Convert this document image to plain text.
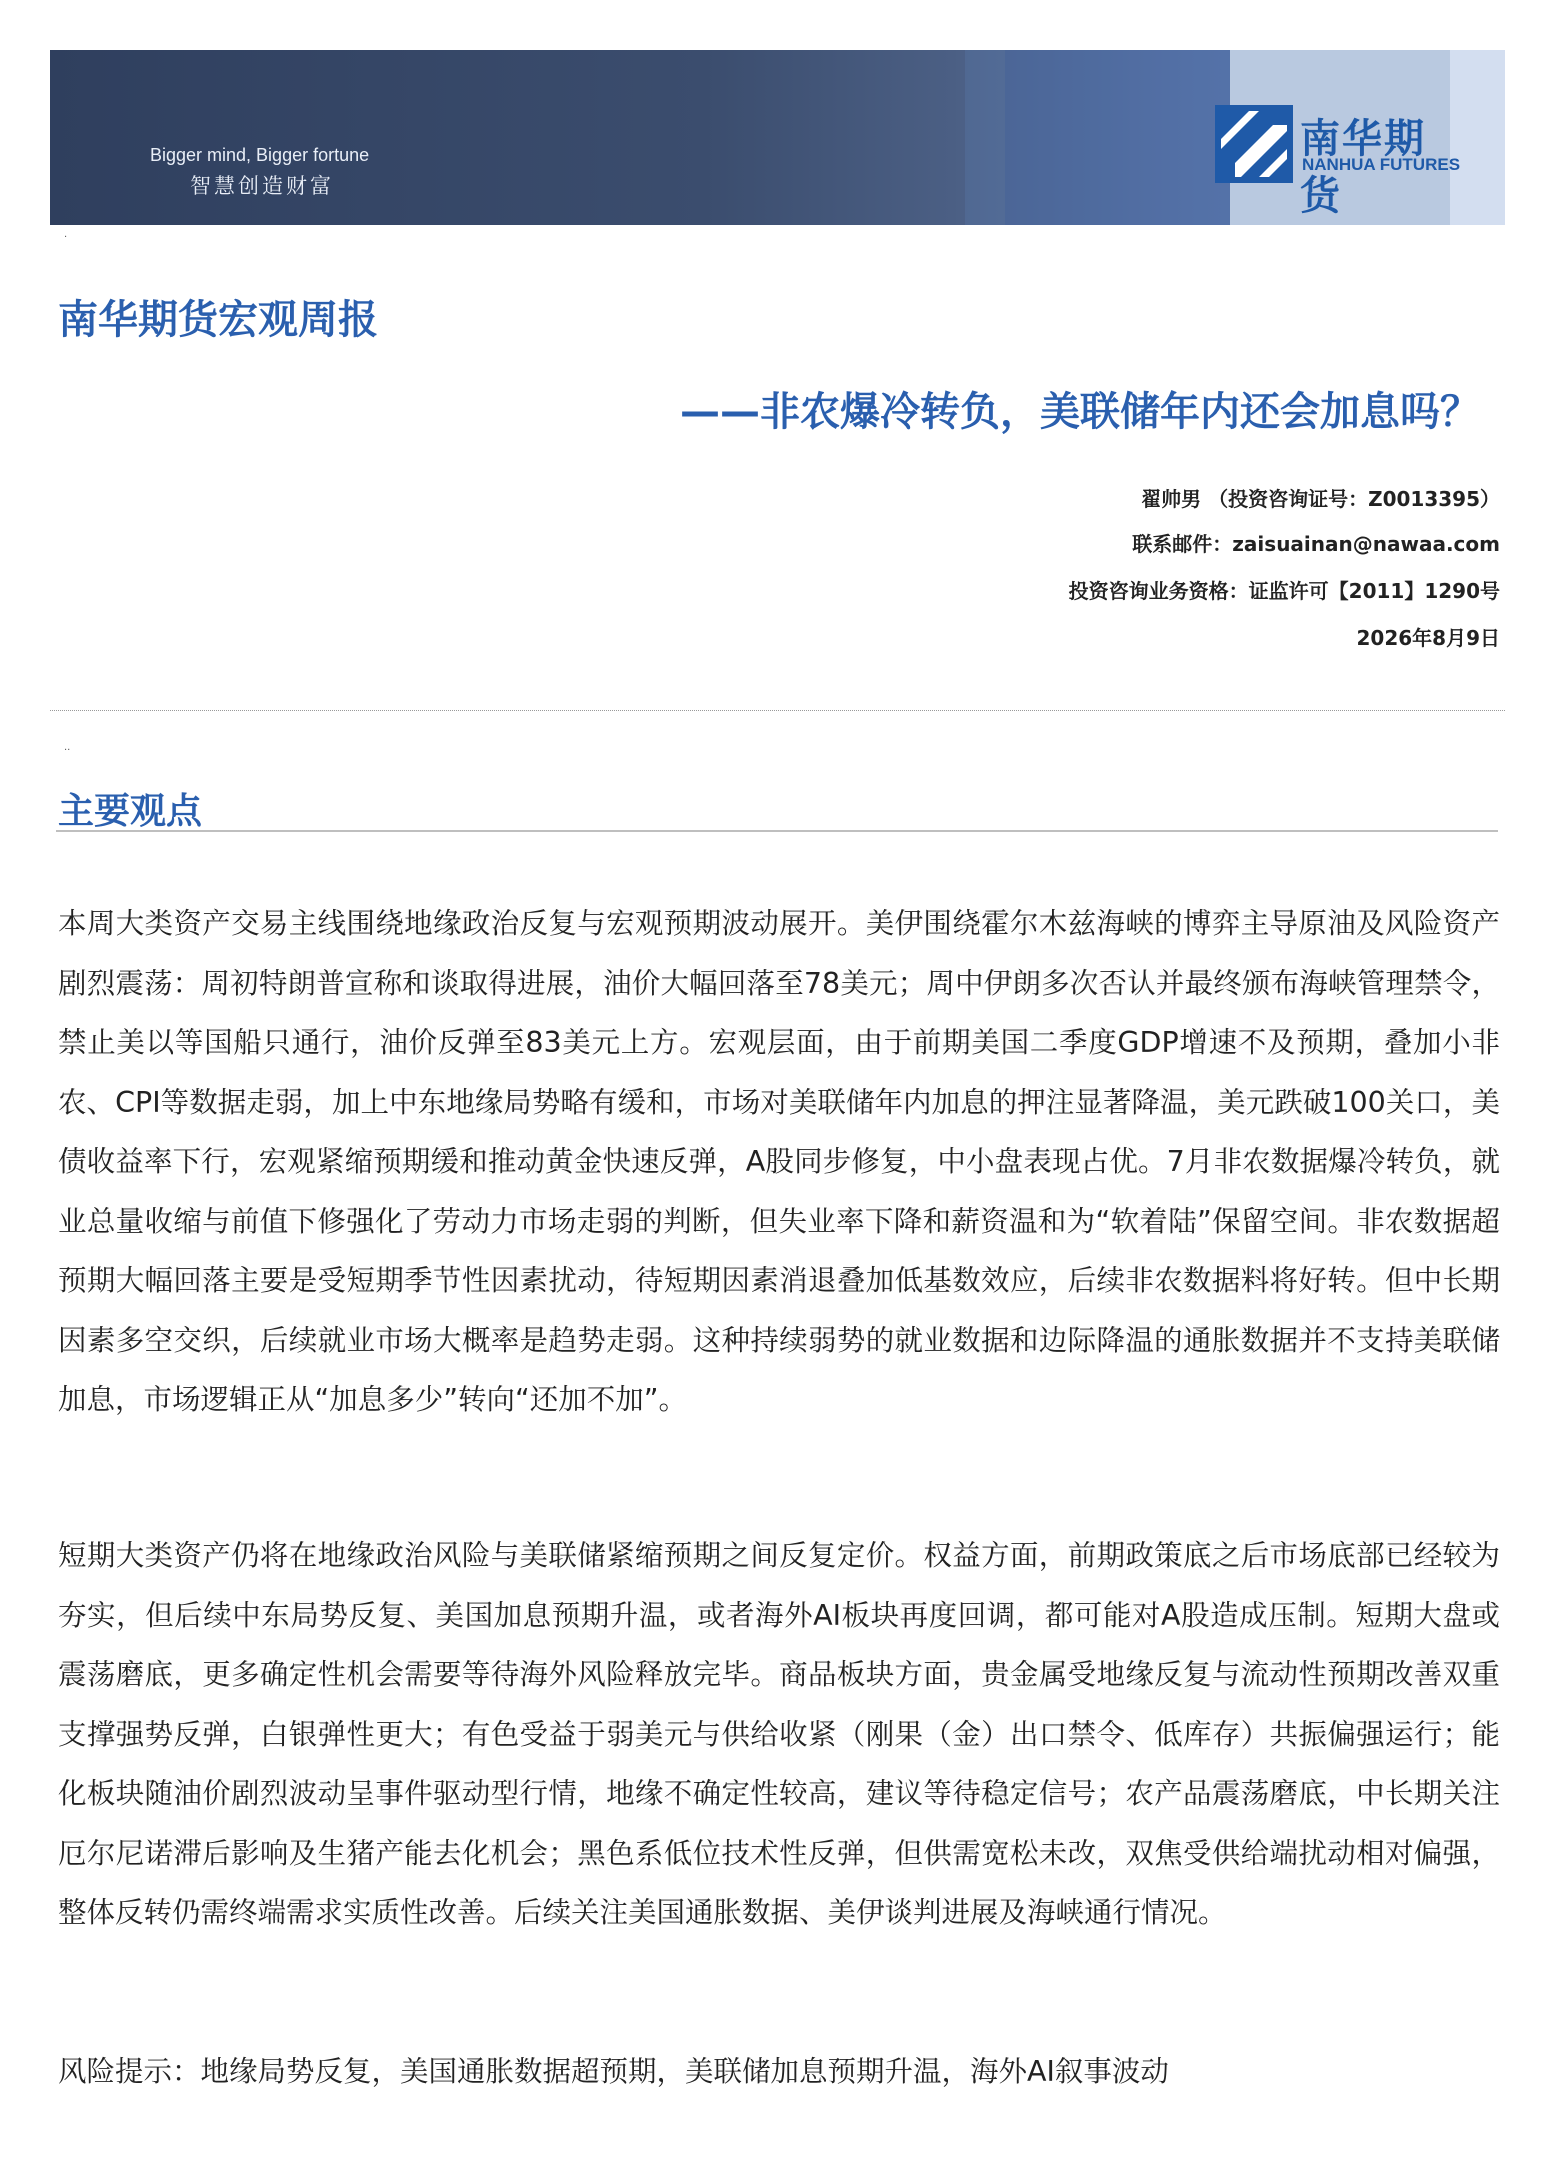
Bigger mind, Bigger fortune
智慧创造财富
南华期货
NANHUA FUTURES
·
南华期货宏观周报
——非农爆冷转负，美联储年内还会加息吗？
翟帅男 （投资咨询证号：Z0013395）
联系邮件：zaisuainan@nawaa.com
投资咨询业务资格：证监许可【2011】1290号
2026年8月9日
··
主要观点
本周大类资产交易主线围绕地缘政治反复与宏观预期波动展开。美伊围绕霍尔木兹海峡的博弈主导原油及风险资产剧烈震荡：周初特朗普宣称和谈取得进展，油价大幅回落至78美元；周中伊朗多次否认并最终颁布海峡管理禁令，禁止美以等国船只通行，油价反弹至83美元上方。宏观层面，由于前期美国二季度GDP增速不及预期，叠加小非农、CPI等数据走弱，加上中东地缘局势略有缓和，市场对美联储年内加息的押注显著降温，美元跌破100关口，美债收益率下行，宏观紧缩预期缓和推动黄金快速反弹，A股同步修复，中小盘表现占优。7月非农数据爆冷转负，就业总量收缩与前值下修强化了劳动力市场走弱的判断，但失业率下降和薪资温和为“软着陆”保留空间。非农数据超预期大幅回落主要是受短期季节性因素扰动，待短期因素消退叠加低基数效应，后续非农数据料将好转。但中长期因素多空交织，后续就业市场大概率是趋势走弱。这种持续弱势的就业数据和边际降温的通胀数据并不支持美联储加息，市场逻辑正从“加息多少”转向“还加不加”。
短期大类资产仍将在地缘政治风险与美联储紧缩预期之间反复定价。权益方面，前期政策底之后市场底部已经较为夯实，但后续中东局势反复、美国加息预期升温，或者海外AI板块再度回调，都可能对A股造成压制。短期大盘或震荡磨底，更多确定性机会需要等待海外风险释放完毕。商品板块方面，贵金属受地缘反复与流动性预期改善双重支撑强势反弹，白银弹性更大；有色受益于弱美元与供给收紧（刚果（金）出口禁令、低库存）共振偏强运行；能化板块随油价剧烈波动呈事件驱动型行情，地缘不确定性较高，建议等待稳定信号；农产品震荡磨底，中长期关注厄尔尼诺滞后影响及生猪产能去化机会；黑色系低位技术性反弹，但供需宽松未改，双焦受供给端扰动相对偏强，整体反转仍需终端需求实质性改善。后续关注美国通胀数据、美伊谈判进展及海峡通行情况。
风险提示：地缘局势反复，美国通胀数据超预期，美联储加息预期升温，海外AI叙事波动
